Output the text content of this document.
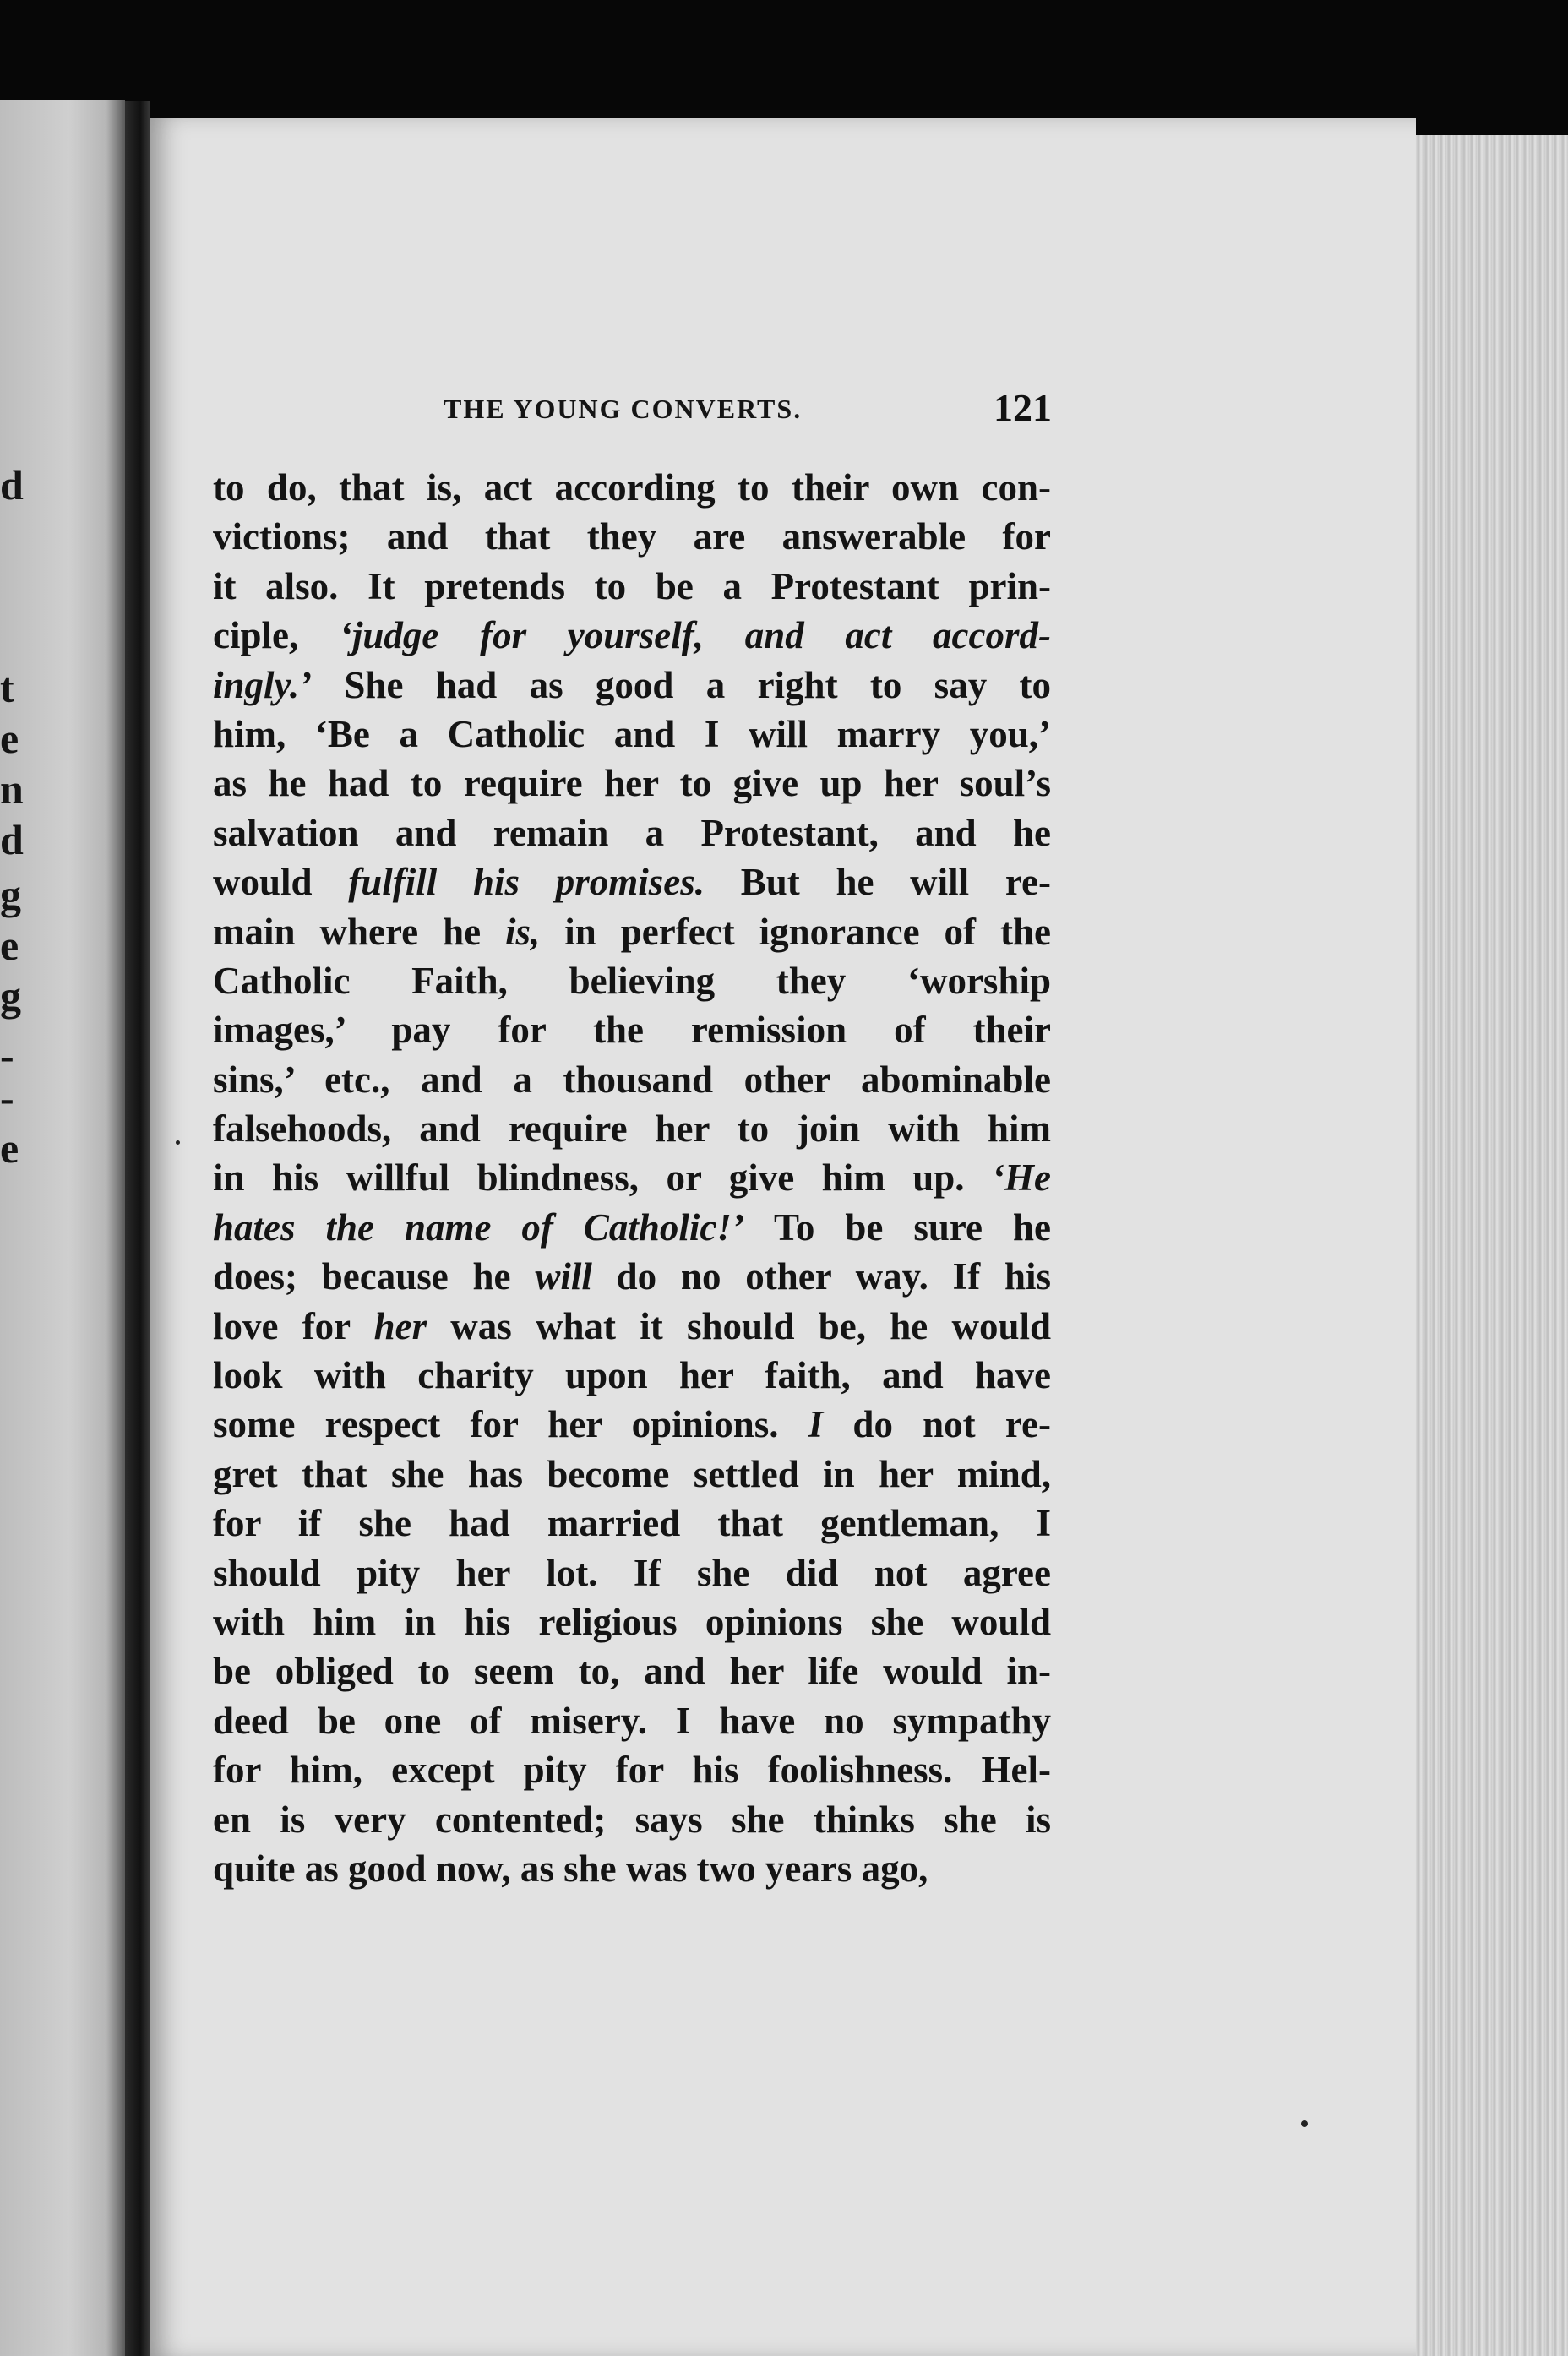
d
t
e
n
d
g
e
g
-
-
e
THE YOUNG CONVERTS.	121
to do, that is, act according to their own con-
victions; and that they are answerable for
it also. It pretends to be a Protestant prin-
ciple, ‘judge for yourself, and act accord-
ingly.’ She had as good a right to say to
him, ‘Be a Catholic and I will marry you,’
as he had to require her to give up her soul’s
salvation and remain a Protestant, and he
would fulfill his promises. But he will re-
main where he is, in perfect ignorance of the
Catholic Faith, believing they ‘worship
images,’ pay for the remission of their
sins,’ etc., and a thousand other abominable
falsehoods, and require her to join with him
in his willful blindness, or give him up. ‘He
hates the name of Catholic!’ To be sure he
does; because he will do no other way. If his
love for her was what it should be, he would
look with charity upon her faith, and have
some respect for her opinions. I do not re-
gret that she has become settled in her mind,
for if she had married that gentleman, I
should pity her lot. If she did not agree
with him in his religious opinions she would
be obliged to seem to, and her life would in-
deed be one of misery. I have no sympathy
for him, except pity for his foolishness. Hel-
en is very contented; says she thinks she is
quite as good now, as she was two years ago,
